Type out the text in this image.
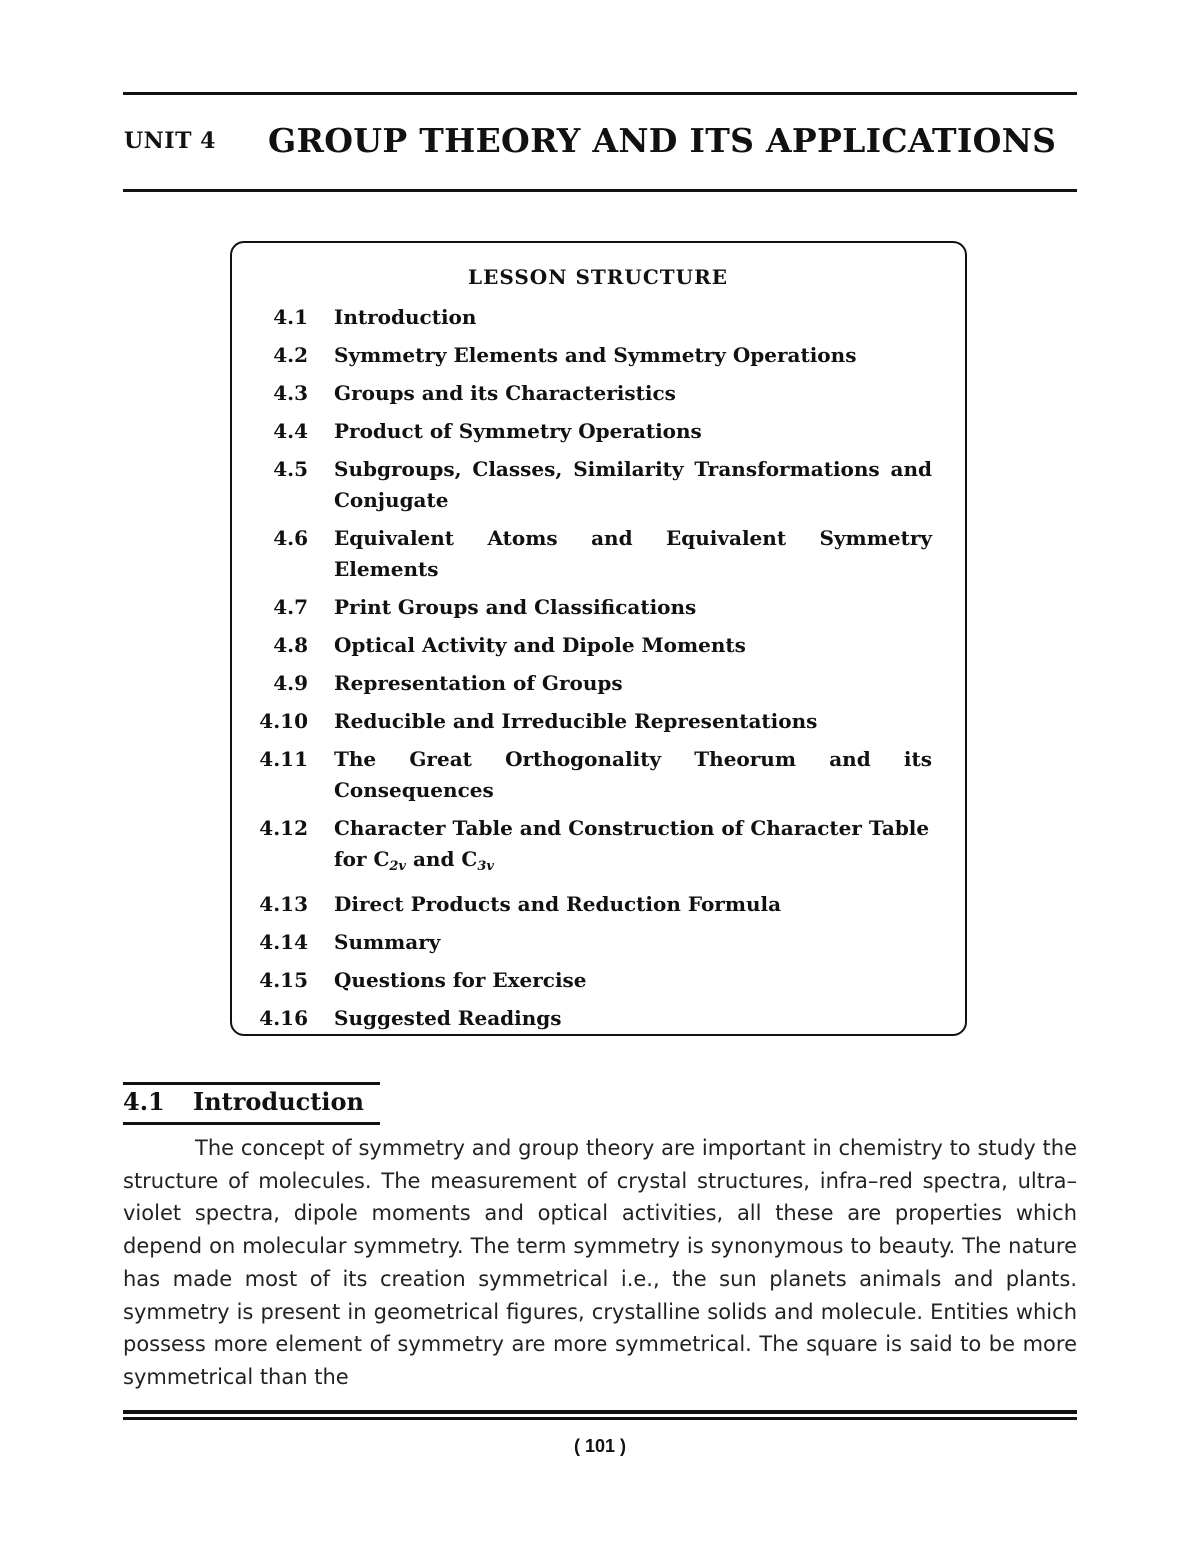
UNIT 4 GROUP THEORY AND ITS APPLICATIONS
LESSON STRUCTURE
4.1 Introduction
4.2 Symmetry Elements and Symmetry Operations
4.3 Groups and its Characteristics
4.4 Product of Symmetry Operations
4.5 Subgroups, Classes, Similarity Transformations and Conjugate
4.6 Equivalent Atoms and Equivalent Symmetry Elements
4.7 Print Groups and Classifications
4.8 Optical Activity and Dipole Moments
4.9 Representation of Groups
4.10 Reducible and Irreducible Representations
4.11 The Great Orthogonality Theorum and its Consequences
4.12 Character Table and Construction of Character Table for $C_{2v}$ and $C_{3v}$
4.13 Direct Products and Reduction Formula
4.14 Summary
4.15 Questions for Exercise
4.16 Suggested Readings
4.1	Introduction

The concept of symmetry and group theory are important in chemistry to study the structure of molecules. The measurement of crystal structures, infra–red spectra, ultra–violet spectra, dipole moments and optical activities, all these are properties which depend on molecular symmetry. The term symmetry is synonymous to beauty. The nature has made most of its creation symmetrical i.e., the sun planets animals and plants. symmetry is present in geometrical figures, crystalline solids and molecule. Entities which possess more element of symmetry are more symmetrical. The square is said to be more symmetrical than the

( 101 )
